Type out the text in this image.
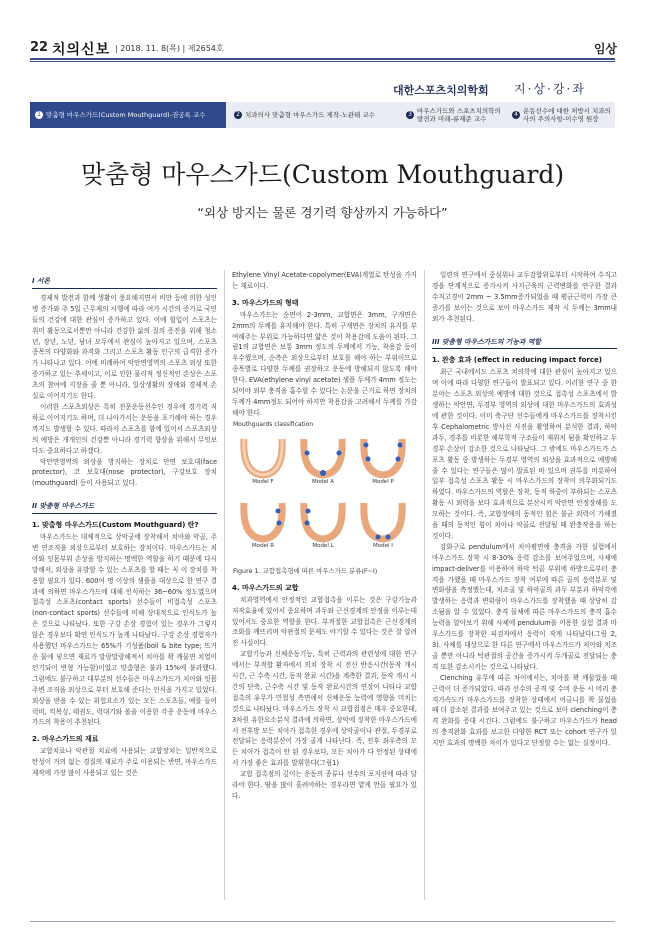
22 치의신보 | 2018. 11. 8(목) | 제2654호	임상
대한스포츠치의학회 지·상·강·좌
1 맞춤형 마우스가드(Custom Mouthguard)-권궁록 교수	2 치과의사 맞춤형 마우스가드 제작-노관태 교수	3 마우스가드와 스포츠치의학의 발전과 미래-류재준 교수
4 운동선수에 대한 처방시 치과의사의 주의사항-이수영 원장
맞춤형 마우스가드(Custom Mouthguard)
“외상 방지는 물론 경기력 향상까지 가능하다”
I 서론

경제적 발전과 함께 생활이 풍요해지면서 비만 등에 의한 성인병 증가와 주 5일 근무제의 시행에 따라 여가 시간의 증가로 국민들의 건강에 대한 관심이 증가하고 있다. 이에 힘입어 스포츠는 취미 활동으로서뿐만 아니라 건강한 삶의 질의 증진을 위해 청소년, 장년, 노년, 남녀 모두에서 관심이 높아지고 있으며, 스포츠 종목의 다양화와 과격화 그리고 스포츠 활동 인구의 급격한 증가가 나타나고 있다. 이에 비례하여 악안면영역의 스포츠 외상 또한 증가하고 있는 추세이고, 이로 인한 물리적 정신적인 손상은 스포츠의 참여에 지장을 줄 뿐 아니라, 일상생활의 장애와 경제적 손실로 이어지기도 한다.

이러한 스포츠외상은 특히 전문운동선수인 경우에 경기력 저하로 이어지기도 하며, 더 나아가서는 운동을 포기해야 하는 경우까지도 발생할 수 있다. 따라서 스포츠를 함에 있어서 스포츠외상의 예방은 개개인의 건강뿐 아니라 경기력 향상을 위해서 무엇보다도 중요하다고 하겠다.

악안면영역의 외상을 방지하는 장치로 안면 보호대(face protector), 코 보호대(nose protector), 구강보호 장치(mouthguard) 등이 사용되고 있다.

II 맞춤형 마우스가드
1. 맞춤형 마우스가드(Custom Mouthguard) 란?

마우스가드는 대체적으로 상악궁에 장착해서 치아와 악골, 주변 연조직을 외상으로부터 보호하는 장치이다. 마우스가드는 치아와 잇몸부위 손상을 방지하는 명백한 역할을 하기 때문에 다시 말해서, 외상을 유발할 수 있는 스포츠를 할 때는 꼭 이 장치를 착용할 필요가 있다. 600여 명 이상의 샘플을 대상으로 한 연구 결과에 의하면 마우스가드에 대해 인식하는 36~60% 정도였으며 접촉성 스포츠(contact sports) 선수들이 비접촉성 스포츠(non-contact sports) 선수들에 비해 상대적으로 인식도가 높은 것으로 나타났다. 또한 구강 손상 경험이 있는 경우가 그렇지 않은 경우보다 확연 인식도가 높게 나타났다. 구강 손상 경험자가 사용했던 마우스가드는 65%가 기성품(boil & bite type; 뜨거운 물에 넣으면 재료가 말랑말랑해져서 치아를 꽉 깨물면 치열이 인기되어 변형 가능함)이었고 맞춤형은 불과 15%에 불과했다. 그럼에도 불구하고 대부분의 선수들은 마우스가드가 치아와 잇몸주변 조직을 외상으로 부터 보호해 준다는 인식을 가지고 있었다. 외상을 받을 수 있는 위험요소가 있는 모든 스포츠들, 예를 들어 럭비, 킥복싱, 태권도, 럭대기와 볼을 이용한 각종 운동에 마우스가드의 착용이 추천된다.

2. 마우스가드의 재료

교합치료나 악관절 치료에 사용되는 교합장치는 일반적으로 탄성이 거의 없는 경질의 재료가 주로 이용되는 반면, 마우스가드 제작에 가장 많이 사용되고 있는 것은

Ethylene Vinyl Acetate-copolymer(EVA)계열로 탄성을 가지는 재료이다.

3. 마우스가드의 형태

마우스가드는 순면이 2-3mm, 교합면은 3mm, 구개면은 2mm의 두께를 유지해야 한다. 특히 구개면은 장치의 유지를 부여해주는 부위로 가능하다면 얇은 것이 착용감에 도움이 된다. 그림1의 교합면은 보통 3mm 정도의 두께에서 기능, 착용감 등이 우수했으며, 순측은 외상으로부터 보호를 해야 하는 부위이므로 종목별로 다양한 두께를 권장하고 운동에 방해되지 않도록 해야 한다. EVA(ethylene vinyl acetate) 샘플 두께가 4mm 정도는 되어야 외부 충격을 흡수할 수 있다는 논문을 근거로 하면 장치의 두께가 4mm정도 되어야 하지만 착용감을 고려해서 두께를 가감해야 한다.

4. 마우스가드의 교합

치과영역에서 안정적인 교합접촉을 이루는 것은 구강기능과 저작효율에 있어서 중요하며 과두와 근신경계의 안정을 이루는데 있어서도 중요한 역할을 한다. 부적절한 교합접촉은 근신경계의 조화를 깨뜨리며 악관절의 문제도 야기할 수 있다는 것은 잘 알려진 사실이다.

교합기능과 신체운동기능, 특히 근력과의 관련성에 대한 연구에서는 부적합 환자에서 의치 장착 시 전신 반응시간(동작 개시 시간, 근 수축 시간, 동작 완료 시간)을 계측한 결과, 동작 개시 시간의 단축, 근수축 시간 및 동작 완료시간의 연장이 나타나 교합접촉의 유무가 민첩성 측면에서 신체운동 능력에 영향을 미치는 것으로 나타났다. 마우스가드 장착 시 교합접점은 매우 중요한데, 3차원 유한요소분석 결과에 의하면, 상악에 장착한 마우스가드에서 전후방 모든 치아가 접촉한 경우에 상악골이나 관절, 두경부로 전달되는 응력분산이 가장 골게 나타난다. 즉, 전후 좌우측의 모든 치아가 접촉이 안 된 경우보다, 모든 치아가 다 안정된 상태에서 가장 좋은 효과를 발휘한다(그림1)

교합 접촉점의 깊이는 운동의 종류나 선수의 포지션에 따라 달라야 한다. 땀을 많이 흘려야하는 경우라면 얕게 만들 필요가 있다.

Mouthguards classification
Model F	Model A	Model P
Model R	Model L	Model I
Figure 1. 교합접촉형에 따른 마우스가드 분류(F~I)

일련의 연구에서 중심위나 교두감합위로부터 시작하여 수직고경을 단계적으로 증가시켜 사지근육의 근력변화를 연구한 결과 수직고경이 2mm ~ 3.5mm증가되었을 때 평균근력이 가장 큰 증가를 보이는 것으로 보아 마우스가드 제작 시 두께는 3mm내외가 추천된다.

III 맞춤형 마우스가드의 기능과 역할
1. 완충 효과 (effect in reducing impact force)

최근 국내에서도 스포츠 치의학에 대한 관심이 높아지고 있으며 이에 따라 다양한 연구들이 발표되고 있다. 이러한 연구 중 한 분야는 스포츠 외상의 예방에 대한 것으로 접촉성 스포츠에서 발생하는 악안면, 두경부 영역의 외상에 대한 마우스가드의 효과성에 관한 것이다. 이미 축구단 선수들에게 마우스가드를 장착시킨 후 Cephalometric 방사선 사진을 촬영하여 분석한 결과, 하악 과두, 경추를 비롯한 해부학적 구조들이 재위치 됨을 확인하고 두경부 손상이 감소한 것으로 나타났다. 그 밖에도 마우스가드가 스포츠 활동 중 발생하는 두경부 영역의 외상을 효과적으로 예방해 줄 수 있다는 연구들은 많이 발표된 바 있으며 권투를 비롯하여 일부 접촉성 스포츠 활동 시 마우스가드의 장착이 의무화되기도 하였다. 마우스가드의 역할은 장착, 동적 하중이 부하되는 스포츠 활동 시 외력을 보다 효과적으로 분산시켜 악안면 안정장해를 도모하는 것이다. 즉, 교합장애의 동적인 힘은 불균 외력이 가해졌을 때의 동적인 힘이 치아나 악골로 전달될 때 완충작용을 하는 것이다.

강화구로 pendulum에서 치아평면에 충격을 가한 실험에서 마우스가드 장착 시 8-30% 응력 감소를 보여주었으며, 사체에 impact-deliver를 이용하여 하악 턱끝 부위에 하방으로부터 충격을 가했을 때 마우스가드 장착 여부에 따른 골의 응력분포 및 변화량을 측정했는데, 치조골 및 하악골의 과두 부분과 하악각에 발생하는 응력과 변위량이 마우스가드를 장착했을 때 상당히 감소됨을 알 수 있었다. 충격 물체에 따른 마우스가드의 충격 흡수 능력을 알아보기 위해 사체에 pendulum을 이용한 실험 결과 마우스가드를 장착한 피검자에서 응력이 작게 나타났다(그림 2, 3). 사체를 대상으로 한 다른 연구에서 마우스가드가 치아와 치조골 뿐만 아니라 턱관절의 공간을 증가시켜 두개골로 전달되는 충격 또한 감소시키는 것으로 나타났다.

Clenching 유무에 따른 차이에서는, 치아를 꽉 깨물었을 때 근력이 더 증가되었다. 따라 선수의 공격 및 수비 운동 시 머리 충격가속도가 마우스가드를 장착한 상태에서 어금니를 꽉 물었을 때 더 감소된 결과를 보여주고 있는 것으로 보아 clenching이 충격 완화를 증대 시킨다. 그럼에도 불구하고 마우스가드가 head의 충격완화 효과를 보고한 다양한 RCT 또는 cohort 연구가 있지만 효과의 명백한 차이가 있다고 단정할 수는 없는 실정이다.
